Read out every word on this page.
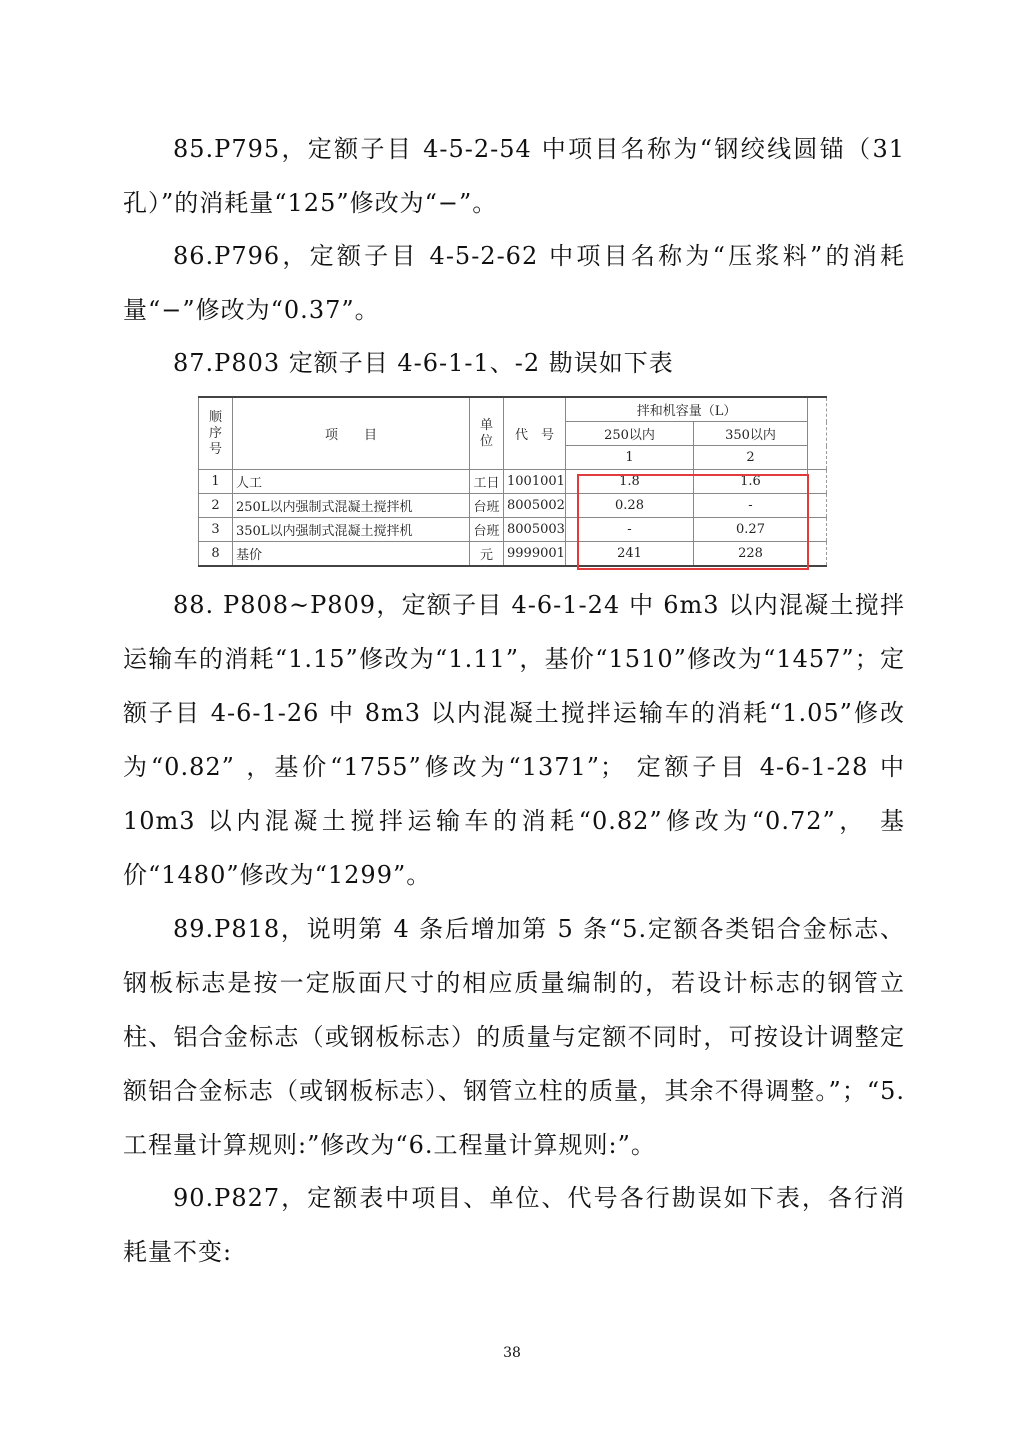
85.P795，定额子目 4-5-2-54 中项目名称为“钢绞线圆锚（31 孔）”的消耗量“125”修改为“−”。

86.P796，定额子目 4-5-2-62 中项目名称为“压浆料”的消耗量“−”修改为“0.37”。

87.P803 定额子目 4-6-1-1、-2 勘误如下表

顺序号	项　　目	单位	代　号	拌和机容量（L）		
				250以内	350以内	
				1	2	
1	人工	工日	1001001	1.8	1.6	
2	250L以内强制式混凝土搅拌机	台班	8005002	0.28	-	
3	350L以内强制式混凝土搅拌机	台班	8005003	-	0.27	
8	基价	元	9999001	241	228	

88. P808~P809，定额子目 4-6-1-24 中 6m3 以内混凝土搅拌运输车的消耗“1.15”修改为“1.11”，基价“1510”修改为“1457”；定额子目 4-6-1-26 中 8m3 以内混凝土搅拌运输车的消耗“1.05”修改为“0.82” ，基价“1755”修改为“1371”； 定额子目 4-6-1-28 中 10m3 以内混凝土搅拌运输车的消耗“0.82”修改为“0.72”， 基价“1480”修改为“1299”。

89.P818，说明第 4 条后增加第 5 条“5.定额各类铝合金标志、钢板标志是按一定版面尺寸的相应质量编制的，若设计标志的钢管立柱、铝合金标志（或钢板标志）的质量与定额不同时，可按设计调整定额铝合金标志（或钢板标志）、钢管立柱的质量，其余不得调整。”；“5.工程量计算规则:”修改为“6.工程量计算规则:”。

90.P827，定额表中项目、单位、代号各行勘误如下表，各行消耗量不变:

38
